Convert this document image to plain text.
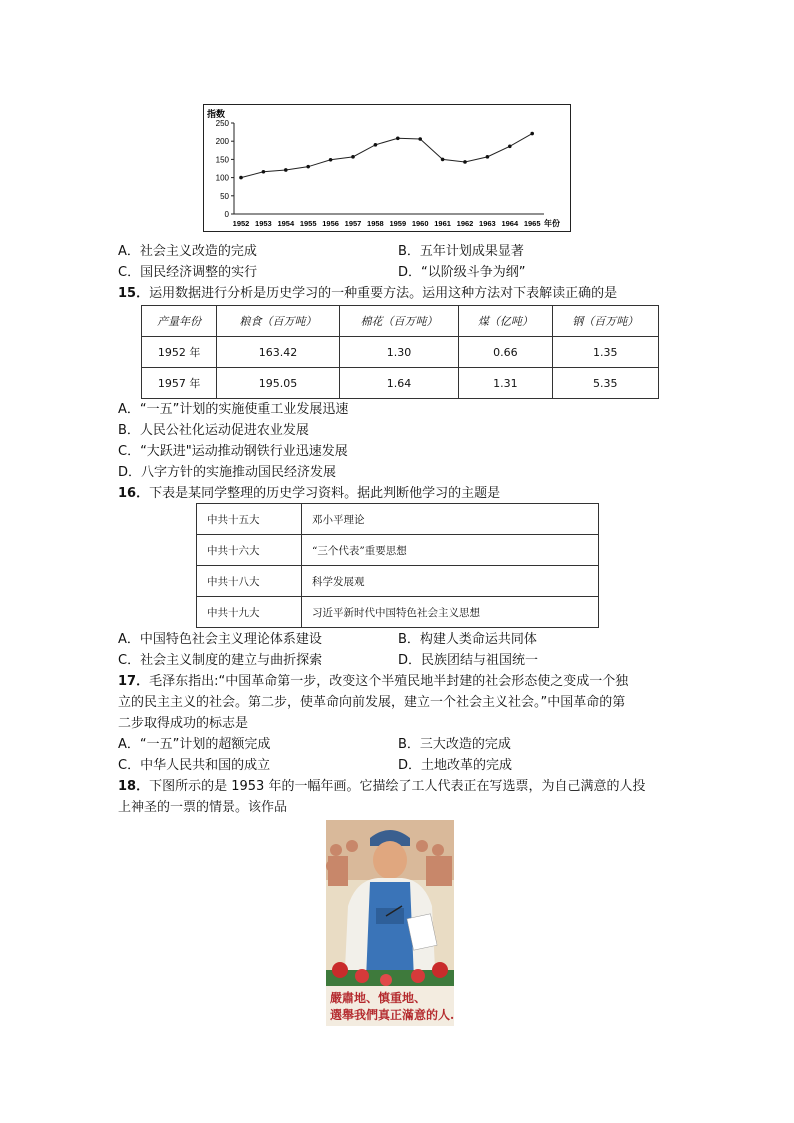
指数
0
50
100
150
200
250
1952 1953 1954 1955 1956 1957 1958 1959 1960 1961 1962 1963 1964 1965 年份
A．社会主义改造的完成	B．五年计划成果显著
C．国民经济调整的实行	D．“以阶级斗争为纲”
15．运用数据进行分析是历史学习的一种重要方法。运用这种方法对下表解读正确的是
产量年份	粮食（百万吨）	棉花（百万吨）	煤（亿吨）	钢（百万吨）
1952 年	163.42	1.30	0.66	1.35
1957 年	195.05	1.64	1.31	5.35
A．“一五”计划的实施使重工业发展迅速
B．人民公社化运动促进农业发展
C．“大跃进"运动推动钢铁行业迅速发展
D．八字方针的实施推动国民经济发展
16．下表是某同学整理的历史学习资料。据此判断他学习的主题是
中共十五大	邓小平理论
中共十六大	“三个代表”重要思想
中共十八大	科学发展观
中共十九大	习近平新时代中国特色社会主义思想
A．中国特色社会主义理论体系建设	B．构建人类命运共同体
C．社会主义制度的建立与曲折探索	D．民族团结与祖国统一
17．毛泽东指出:“中国革命第一步，改变这个半殖民地半封建的社会形态使之变成一个独
立的民主主义的社会。第二步，使革命向前发展，建立一个社会主义社会。”中国革命的第
二步取得成功的标志是
A．“一五”计划的超额完成	B．三大改造的完成
C．中华人民共和国的成立	D．土地改革的完成
18．下图所示的是 1953 年的一幅年画。它描绘了工人代表正在写选票，为自己满意的人投
上神圣的一票的情景。该作品
嚴肅地、慎重地、
選舉我們真正滿意的人.
